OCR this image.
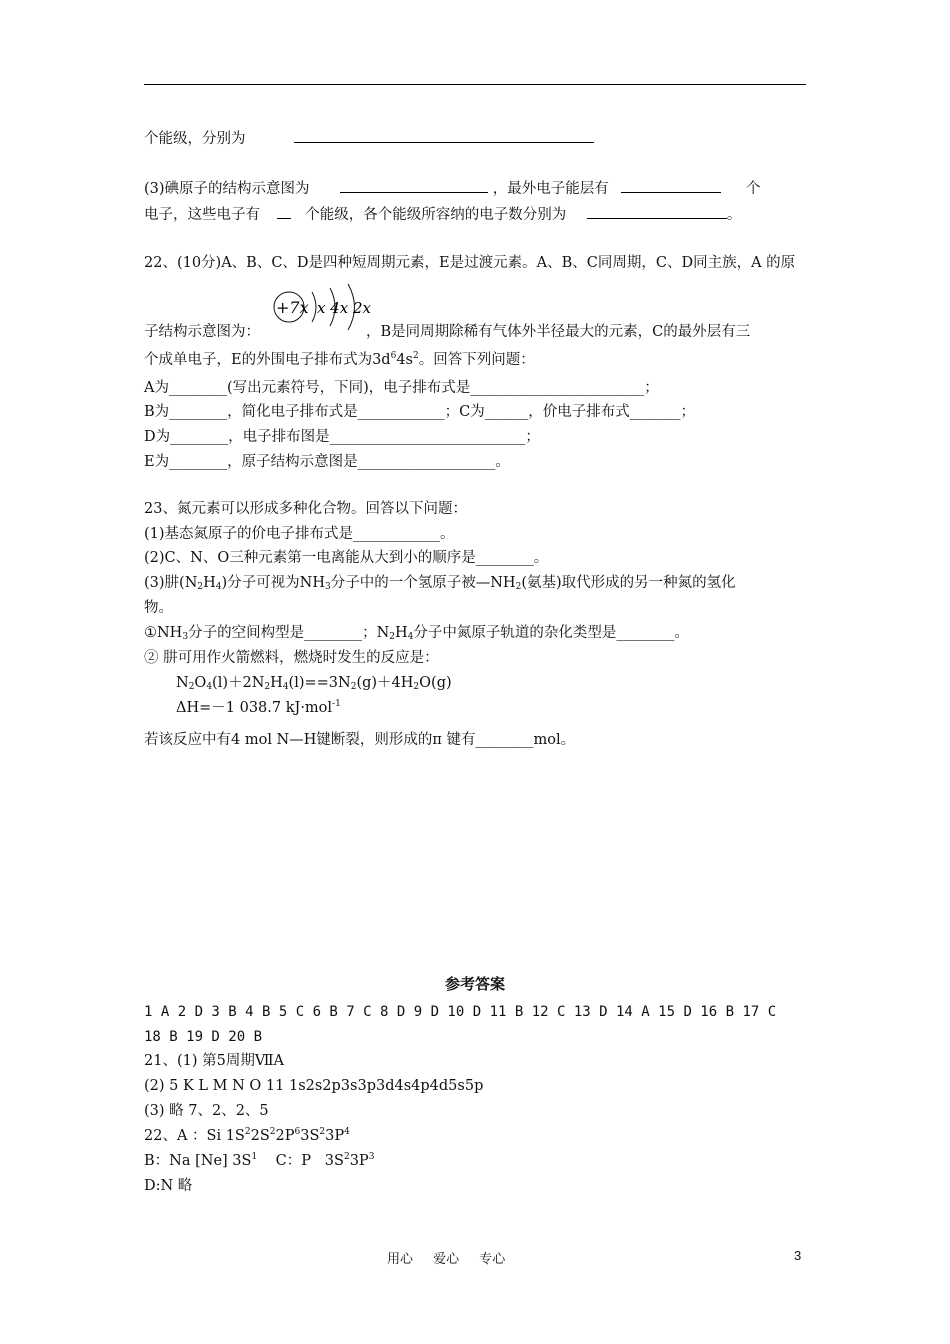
个能级，分别为
(3)碘原子的结构示意图为	，最外电子能层有	个
电子，这些电子有	个能级，各个能级所容纳的电子数分别为	。
22、(10分)A、B、C、D是四种短周期元素，E是过渡元素。A、B、C同周期，C、D同主族，A 的原
+7x x 4x 2x
子结构示意图为：	，B是同周期除稀有气体外半径最大的元素，C的最外层有三
个成单电子，E的外围电子排布式为$3d^64s^2$。回答下列问题：
A为________(写出元素符号，下同)，电子排布式是________________________；
B为________，简化电子排布式是____________；C为______，价电子排布式_______；
D为________，电子排布图是___________________________；
E为________，原子结构示意图是___________________。
23、氮元素可以形成多种化合物。回答以下问题：
(1)基态氮原子的价电子排布式是____________。
(2)C、N、O三种元素第一电离能从大到小的顺序是________。
(3)肼$(N_2H_4)$分子可视为$NH_3$分子中的一个氢原子被$—NH_2$(氨基)取代形成的另一种氮的氢化
物。
$①NH_3$分子的空间构型是________；$N_2H_4$分子中氮原子轨道的杂化类型是________。
② 肼可用作火箭燃料，燃烧时发生的反应是：
$N_2O_4(l)+2N_2H_4(l)==3N_2(g)+4H_2O(g)$
ΔH=－1 038.7 kJ·mol$^{-1}$
若该反应中有4 mol N—H键断裂，则形成的π 键有________mol。
参考答案
1 A 2 D 3 B 4 B 5 C 6 B 7 C 8 D 9 D 10 D 11 B 12 C 13 D 14 A 15 D 16 B 17 C
18 B 19 D 20 B
21、(1) 第5周期ⅦA
(2) 5 K L M N O 11 1s2s2p3s3p3d4s4p4d5s5p
(3) 略 7、2、2、5
22、A ：Si $1S^22S^22P^63S^23P^4$
B：Na [Ne] $3S^1$    C：P   $3S^23P^3$
D:N 略
用心 爱心 专心	3
